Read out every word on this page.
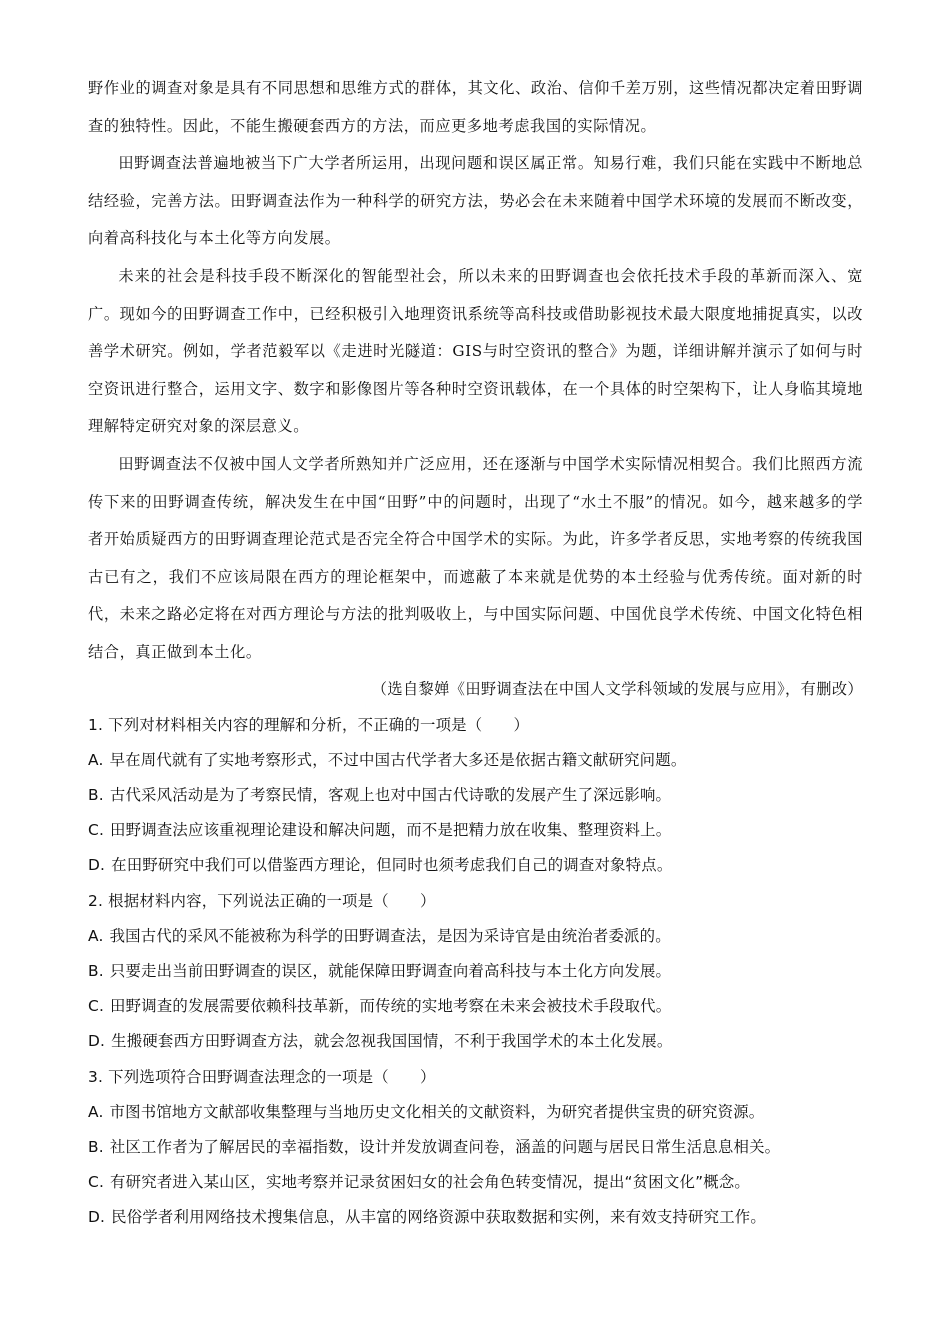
野作业的调查对象是具有不同思想和思维方式的群体，其文化、政治、信仰千差万别，这些情况都决定着田野调查的独特性。因此，不能生搬硬套西方的方法，而应更多地考虑我国的实际情况。

田野调查法普遍地被当下广大学者所运用，出现问题和误区属正常。知易行难，我们只能在实践中不断地总结经验，完善方法。田野调查法作为一种科学的研究方法，势必会在未来随着中国学术环境的发展而不断改变，向着高科技化与本土化等方向发展。

未来的社会是科技手段不断深化的智能型社会，所以未来的田野调查也会依托技术手段的革新而深入、宽广。现如今的田野调查工作中，已经积极引入地理资讯系统等高科技或借助影视技术最大限度地捕捉真实，以改善学术研究。例如，学者范毅军以《走进时光隧道：GIS与时空资讯的整合》为题，详细讲解并演示了如何与时空资讯进行整合，运用文字、数字和影像图片等各种时空资讯载体，在一个具体的时空架构下，让人身临其境地理解特定研究对象的深层意义。

田野调查法不仅被中国人文学者所熟知并广泛应用，还在逐渐与中国学术实际情况相契合。我们比照西方流传下来的田野调查传统，解决发生在中国“田野”中的问题时，出现了“水土不服”的情况。如今，越来越多的学者开始质疑西方的田野调查理论范式是否完全符合中国学术的实际。为此，许多学者反思，实地考察的传统我国古已有之，我们不应该局限在西方的理论框架中，而遮蔽了本来就是优势的本土经验与优秀传统。面对新的时代，未来之路必定将在对西方理论与方法的批判吸收上，与中国实际问题、中国优良学术传统、中国文化特色相结合，真正做到本土化。

（选自黎婵《田野调查法在中国人文学科领域的发展与应用》，有删改）

1. 下列对材料相关内容的理解和分析，不正确的一项是（　　）

A. 早在周代就有了实地考察形式，不过中国古代学者大多还是依据古籍文献研究问题。

B. 古代采风活动是为了考察民情，客观上也对中国古代诗歌的发展产生了深远影响。

C. 田野调查法应该重视理论建设和解决问题，而不是把精力放在收集、整理资料上。

D. 在田野研究中我们可以借鉴西方理论，但同时也须考虑我们自己的调查对象特点。

2. 根据材料内容，下列说法正确的一项是（　　）

A. 我国古代的采风不能被称为科学的田野调查法，是因为采诗官是由统治者委派的。

B. 只要走出当前田野调查的误区，就能保障田野调查向着高科技与本土化方向发展。

C. 田野调查的发展需要依赖科技革新，而传统的实地考察在未来会被技术手段取代。

D. 生搬硬套西方田野调查方法，就会忽视我国国情，不利于我国学术的本土化发展。

3. 下列选项符合田野调查法理念的一项是（　　）

A. 市图书馆地方文献部收集整理与当地历史文化相关的文献资料，为研究者提供宝贵的研究资源。

B. 社区工作者为了解居民的幸福指数，设计并发放调查问卷，涵盖的问题与居民日常生活息息相关。

C. 有研究者进入某山区，实地考察并记录贫困妇女的社会角色转变情况，提出“贫困文化”概念。

D. 民俗学者利用网络技术搜集信息，从丰富的网络资源中获取数据和实例，来有效支持研究工作。
